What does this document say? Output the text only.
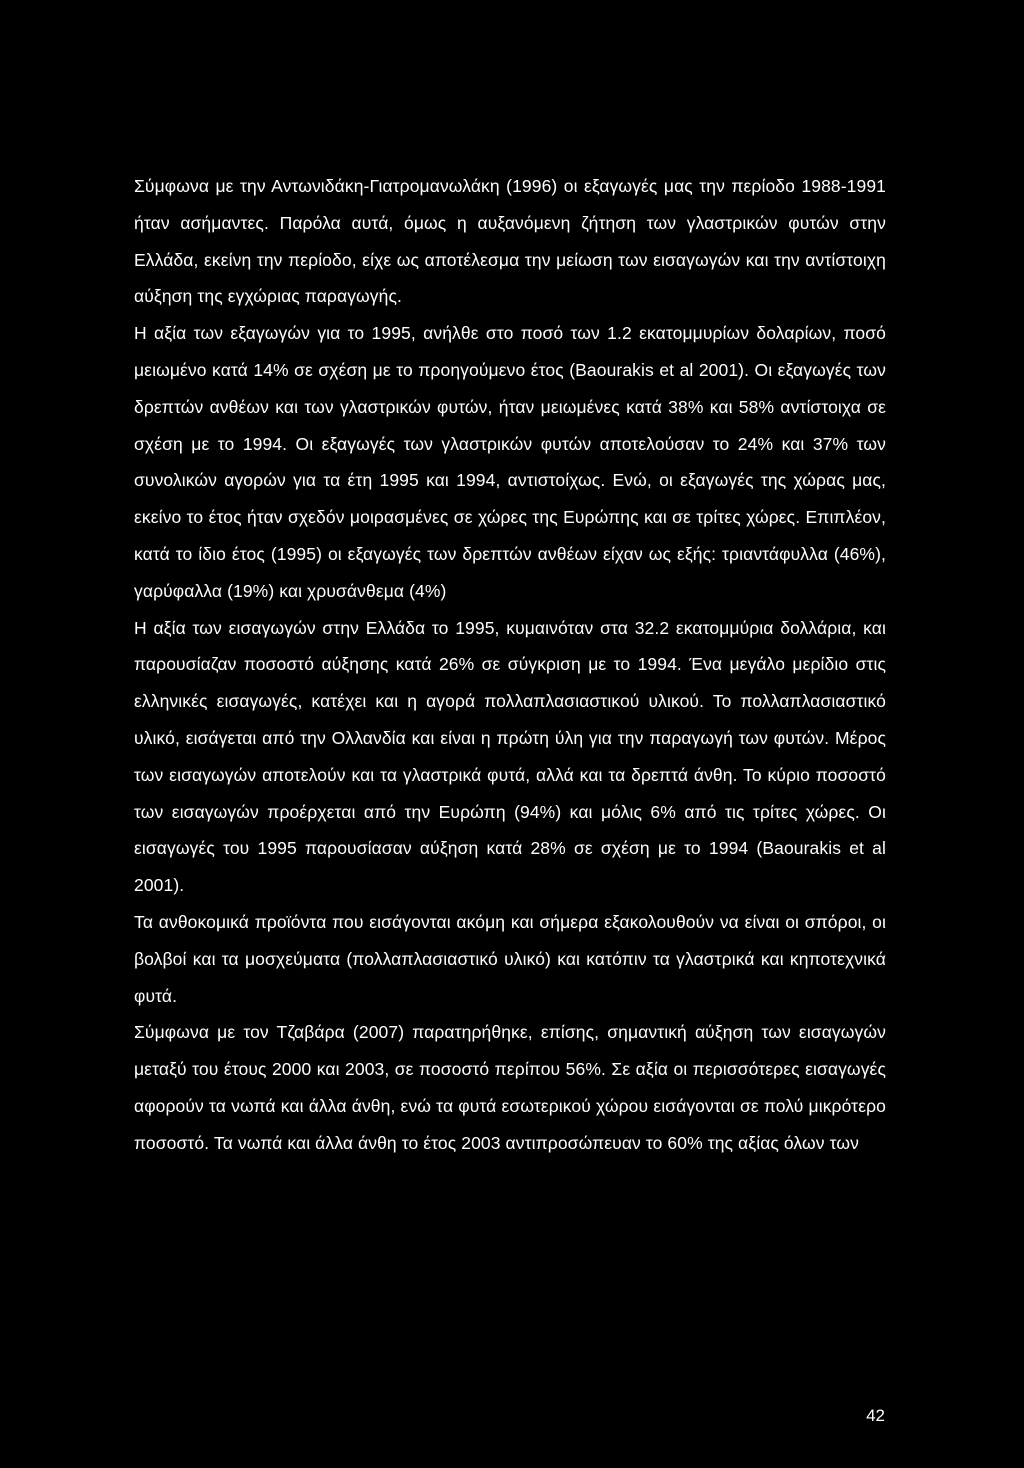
Σύμφωνα με την Αντωνιδάκη-Γιατρομανωλάκη (1996) οι εξαγωγές μας την περίοδο 1988-1991 ήταν ασήμαντες. Παρόλα αυτά, όμως η αυξανόμενη ζήτηση των γλαστρικών φυτών στην Ελλάδα, εκείνη την περίοδο, είχε ως αποτέλεσμα την μείωση των εισαγωγών και την αντίστοιχη αύξηση της εγχώριας παραγωγής.

Η αξία των εξαγωγών για το 1995, ανήλθε στο ποσό των 1.2 εκατομμυρίων δολαρίων, ποσό μειωμένο κατά 14% σε σχέση με το προηγούμενο έτος (Baourakis et al 2001). Οι εξαγωγές των δρεπτών ανθέων και των γλαστρικών φυτών, ήταν μειωμένες κατά 38% και 58% αντίστοιχα σε σχέση με το 1994. Οι εξαγωγές των γλαστρικών φυτών αποτελούσαν το 24% και 37% των συνολικών αγορών για τα έτη 1995 και 1994, αντιστοίχως. Ενώ, οι εξαγωγές της χώρας μας, εκείνο το έτος ήταν σχεδόν μοιρασμένες σε χώρες της Ευρώπης και σε τρίτες χώρες. Επιπλέον, κατά το ίδιο έτος (1995) οι εξαγωγές των δρεπτών ανθέων είχαν ως εξής: τριαντάφυλλα (46%), γαρύφαλλα (19%) και χρυσάνθεμα (4%)

Η αξία των εισαγωγών στην Ελλάδα το 1995, κυμαινόταν στα 32.2 εκατομμύρια δολλάρια, και παρουσίαζαν ποσοστό αύξησης κατά 26% σε σύγκριση με το 1994. Ένα μεγάλο μερίδιο στις ελληνικές εισαγωγές, κατέχει και η αγορά πολλαπλασιαστικού υλικού. Το πολλαπλασιαστικό υλικό, εισάγεται από την Ολλανδία και είναι η πρώτη ύλη για την παραγωγή των φυτών. Μέρος των εισαγωγών αποτελούν και τα γλαστρικά φυτά, αλλά και τα δρεπτά άνθη. Το κύριο ποσοστό των εισαγωγών προέρχεται από την Ευρώπη (94%) και μόλις 6% από τις τρίτες χώρες. Οι εισαγωγές του 1995 παρουσίασαν αύξηση κατά 28% σε σχέση με το 1994 (Baourakis et al 2001).

Τα ανθοκομικά προϊόντα που εισάγονται ακόμη και σήμερα εξακολουθούν να είναι οι σπόροι, οι βολβοί και τα μοσχεύματα (πολλαπλασιαστικό υλικό) και κατόπιν τα γλαστρικά και κηποτεχνικά φυτά.

Σύμφωνα με τον Τζαβάρα (2007) παρατηρήθηκε, επίσης, σημαντική αύξηση των εισαγωγών μεταξύ του έτους 2000 και 2003, σε ποσοστό περίπου 56%. Σε αξία οι περισσότερες εισαγωγές αφορούν τα νωπά και άλλα άνθη, ενώ τα φυτά εσωτερικού χώρου εισάγονται σε πολύ μικρότερο ποσοστό. Τα νωπά και άλλα άνθη το έτος 2003 αντιπροσώπευαν το 60% της αξίας όλων των

42
